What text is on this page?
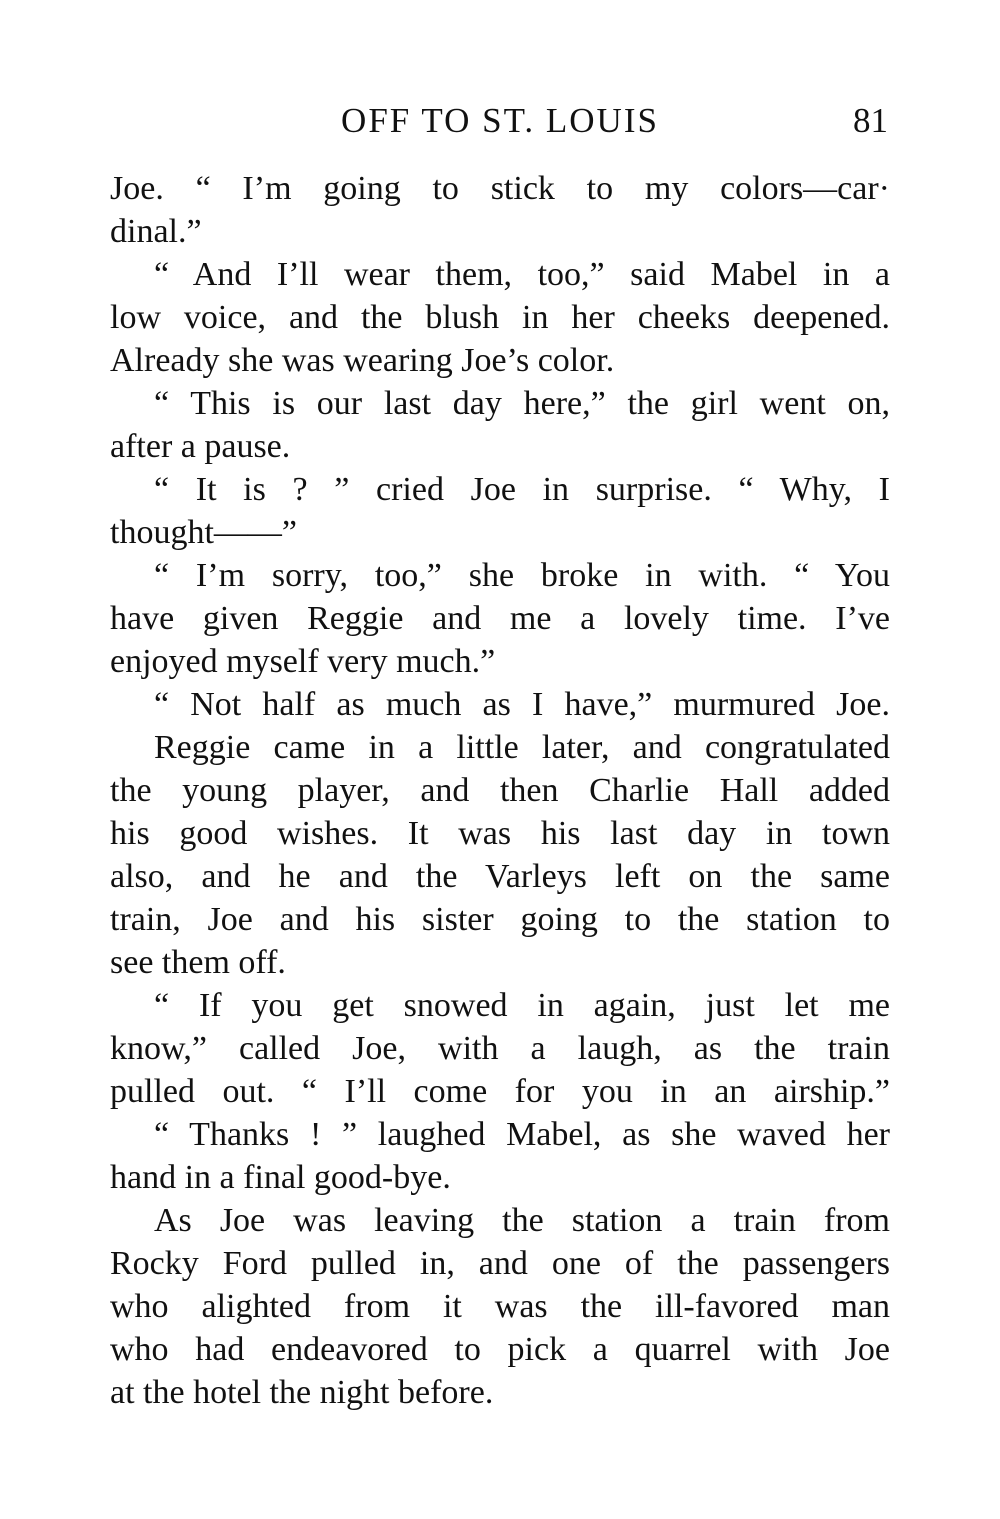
OFF TO ST. LOUIS	81
Joe. “ I’m going to stick to my colors—car·
dinal.”
“ And I’ll wear them, too,” said Mabel in a
low voice, and the blush in her cheeks deepened.
Already she was wearing Joe’s color.
“ This is our last day here,” the girl went on,
after a pause.
“ It is ? ” cried Joe in surprise. “ Why, I
thought——”
“ I’m sorry, too,” she broke in with. “ You
have given Reggie and me a lovely time. I’ve
enjoyed myself very much.”
“ Not half as much as I have,” murmured Joe.
Reggie came in a little later, and congratulated
the young player, and then Charlie Hall added
his good wishes. It was his last day in town
also, and he and the Varleys left on the same
train, Joe and his sister going to the station to
see them off.
“ If you get snowed in again, just let me
know,” called Joe, with a laugh, as the train
pulled out. “ I’ll come for you in an airship.”
“ Thanks ! ” laughed Mabel, as she waved her
hand in a final good-bye.
As Joe was leaving the station a train from
Rocky Ford pulled in, and one of the passengers
who alighted from it was the ill-favored man
who had endeavored to pick a quarrel with Joe
at the hotel the night before.
